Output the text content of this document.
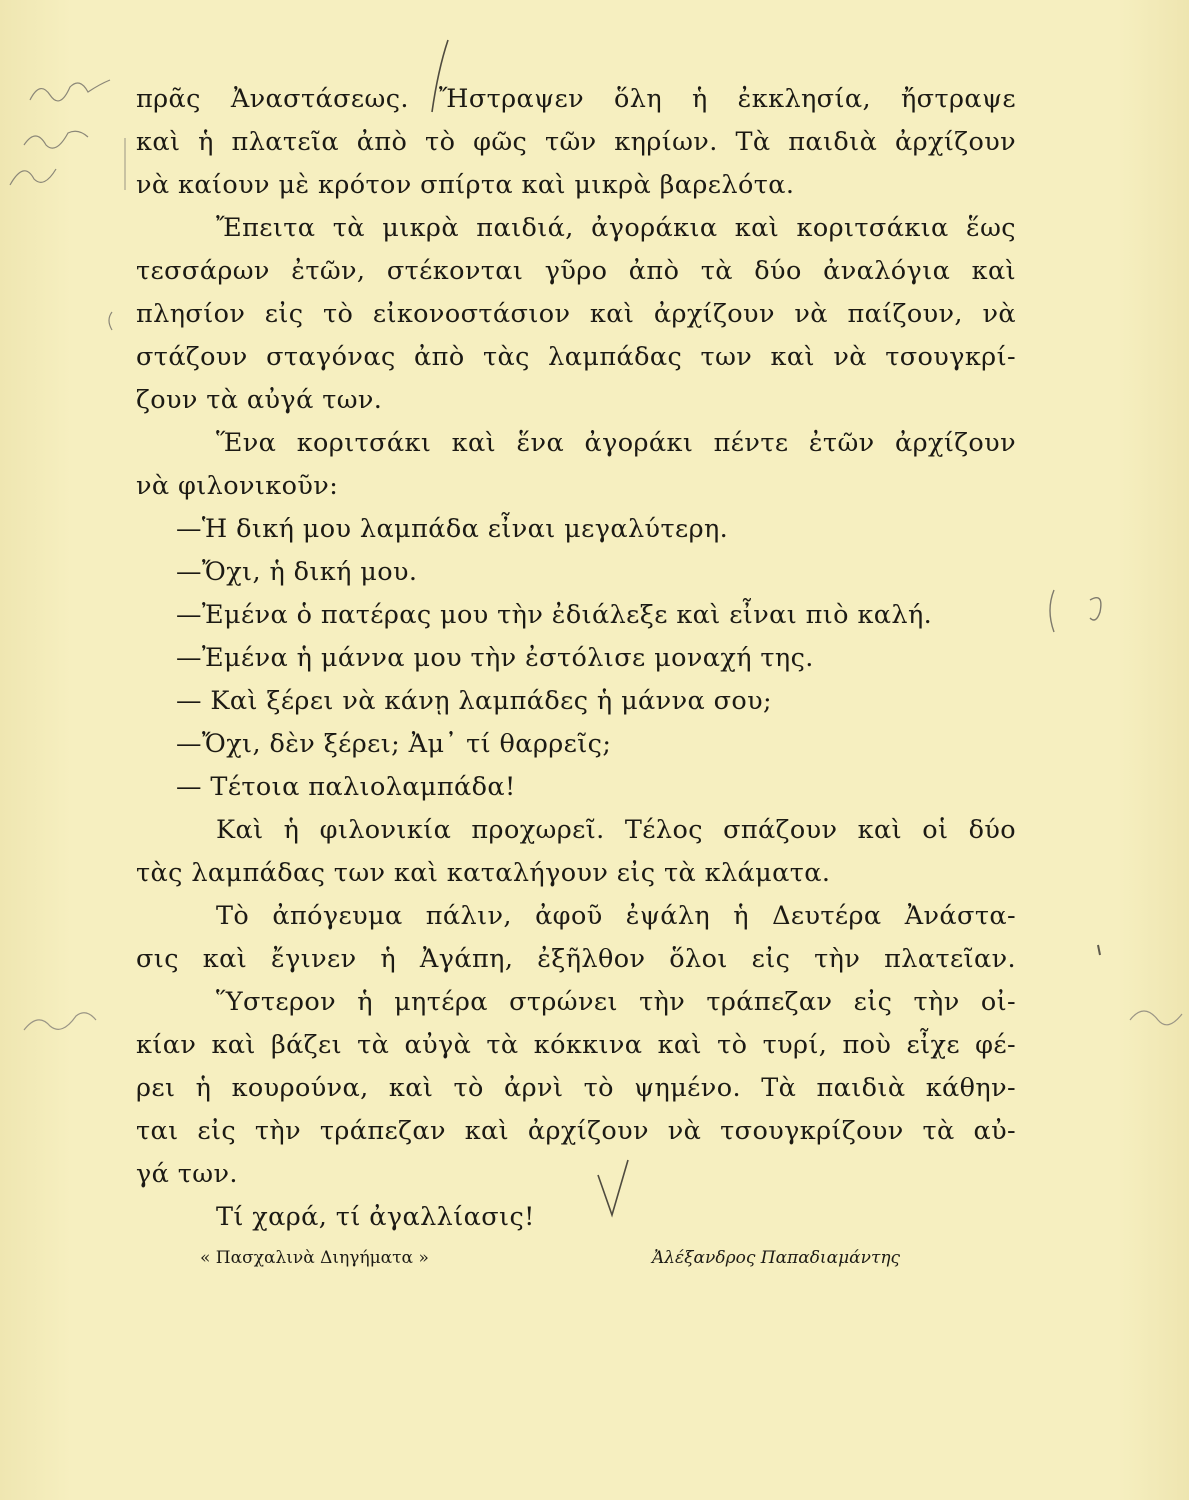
πρᾶς Ἀναστάσεως. Ἤστραψεν ὅλη ἡ ἐκκλησία, ἤστραψε
καὶ ἡ πλατεῖα ἀπὸ τὸ φῶς τῶν κηρίων. Τὰ παιδιὰ ἀρχίζουν
νὰ καίουν μὲ κρότον σπίρτα καὶ μικρὰ βαρελότα.
Ἔπειτα τὰ μικρὰ παιδιά, ἀγοράκια καὶ κοριτσάκια ἕως
τεσσάρων ἐτῶν, στέκονται γῦρο ἀπὸ τὰ δύο ἀναλόγια καὶ
πλησίον εἰς τὸ εἰκονοστάσιον καὶ ἀρχίζουν νὰ παίζουν, νὰ
στάζουν σταγόνας ἀπὸ τὰς λαμπάδας των καὶ νὰ τσουγκρί-
ζουν τὰ αὐγά των.
Ἕνα κοριτσάκι καὶ ἕνα ἀγοράκι πέντε ἐτῶν ἀρχίζουν
νὰ φιλονικοῦν:
—Ἡ δική μου λαμπάδα εἶναι μεγαλύτερη.
—Ὄχι, ἡ δική μου.
—Ἐμένα ὁ πατέρας μου τὴν ἐδιάλεξε καὶ εἶναι πιὸ καλή.
—Ἐμένα ἡ μάννα μου τὴν ἐστόλισε μοναχή της.
— Καὶ ξέρει νὰ κάνῃ λαμπάδες ἡ μάννα σου;
—Ὄχι, δὲν ξέρει; Ἀμ᾽ τί θαρρεῖς;
— Τέτοια παλιολαμπάδα!
Καὶ ἡ φιλονικία προχωρεῖ. Τέλος σπάζουν καὶ οἱ δύο
τὰς λαμπάδας των καὶ καταλήγουν εἰς τὰ κλάματα.
Τὸ ἀπόγευμα πάλιν, ἀφοῦ ἐψάλη ἡ Δευτέρα Ἀνάστα-
σις καὶ ἔγινεν ἡ Ἀγάπη, ἐξῆλθον ὅλοι εἰς τὴν πλατεῖαν.
Ὕστερον ἡ μητέρα στρώνει τὴν τράπεζαν εἰς τὴν οἰ-
κίαν καὶ βάζει τὰ αὐγὰ τὰ κόκκινα καὶ τὸ τυρί, ποὺ εἶχε φέ-
ρει ἡ κουρούνα, καὶ τὸ ἀρνὶ τὸ ψημένο. Τὰ παιδιὰ κάθην-
ται εἰς τὴν τράπεζαν καὶ ἀρχίζουν νὰ τσουγκρίζουν τὰ αὐ-
γά των.
Τί χαρά, τί ἀγαλλίασις!
« Πασχαλινὰ Διηγήματα »	Ἀλέξανδρος Παπαδιαμάντης
